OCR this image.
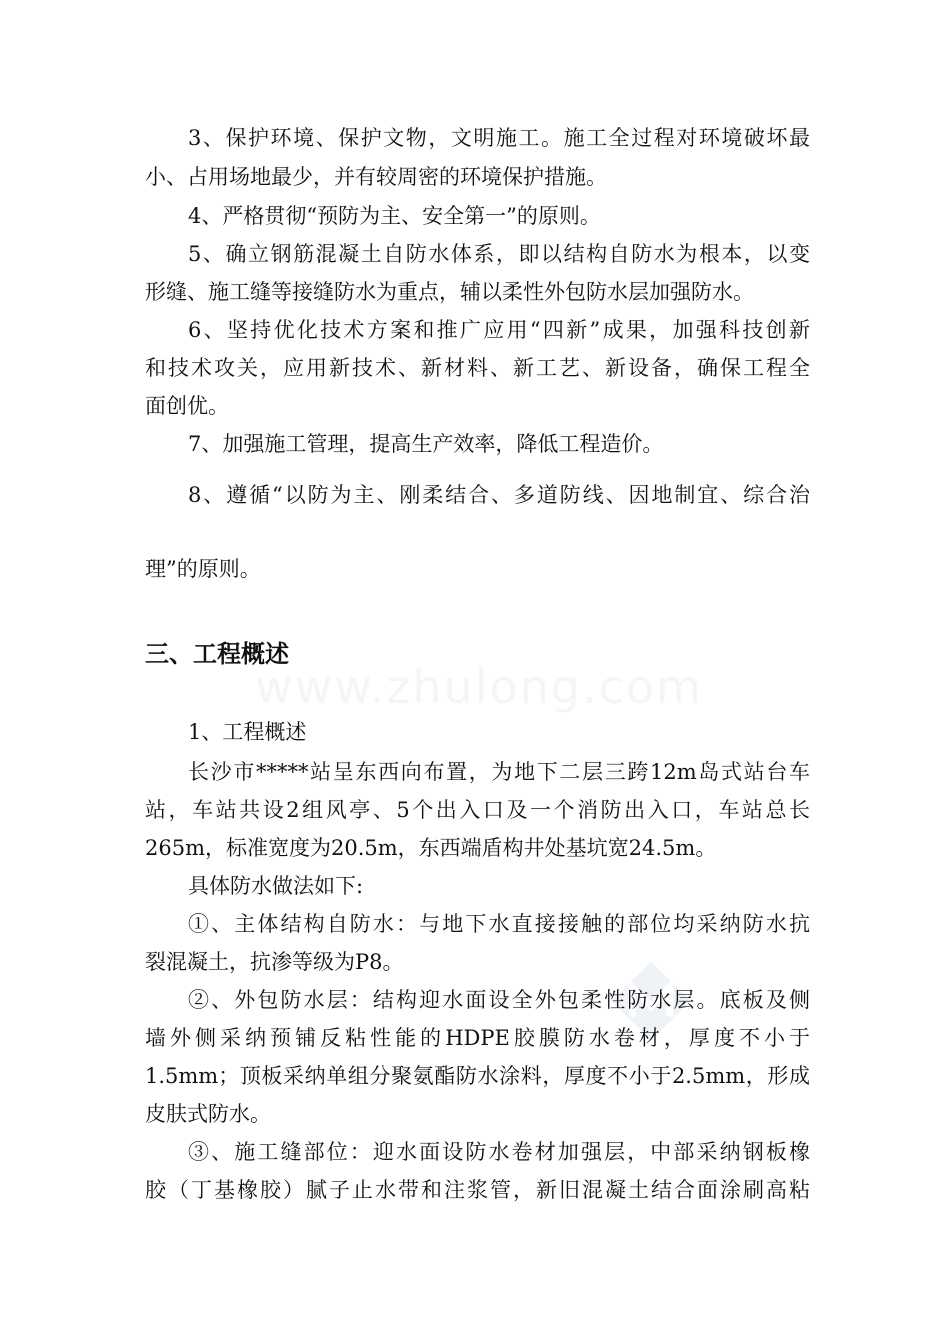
www.zhulong.com
3、保护环境、保护文物，文明施工。施工全过程对环境破坏最
小、占用场地最少，并有较周密的环境保护措施。
4、严格贯彻“预防为主、安全第一”的原则。
5、确立钢筋混凝土自防水体系，即以结构自防水为根本，以变
形缝、施工缝等接缝防水为重点，辅以柔性外包防水层加强防水。
6、坚持优化技术方案和推广应用“四新”成果，加强科技创新
和技术攻关，应用新技术、新材料、新工艺、新设备，确保工程全
面创优。
7、加强施工管理，提高生产效率，降低工程造价。
8、遵循“以防为主、刚柔结合、多道防线、因地制宜、综合治
理”的原则。
三、工程概述
1、工程概述
长沙市*****站呈东西向布置，为地下二层三跨12m岛式站台车
站，车站共设2组风亭、5个出入口及一个消防出入口，车站总长
265m，标准宽度为20.5m，东西端盾构井处基坑宽24.5m。
具体防水做法如下:
①、主体结构自防水：与地下水直接接触的部位均采纳防水抗
裂混凝土，抗渗等级为P8。
②、外包防水层：结构迎水面设全外包柔性防水层。底板及侧
墙外侧采纳预铺反粘性能的HDPE胶膜防水卷材，厚度不小于
1.5mm；顶板采纳单组分聚氨酯防水涂料，厚度不小于2.5mm，形成
皮肤式防水。
③、施工缝部位：迎水面设防水卷材加强层，中部采纳钢板橡
胶（丁基橡胶）腻子止水带和注浆管，新旧混凝土结合面涂刷高粘
